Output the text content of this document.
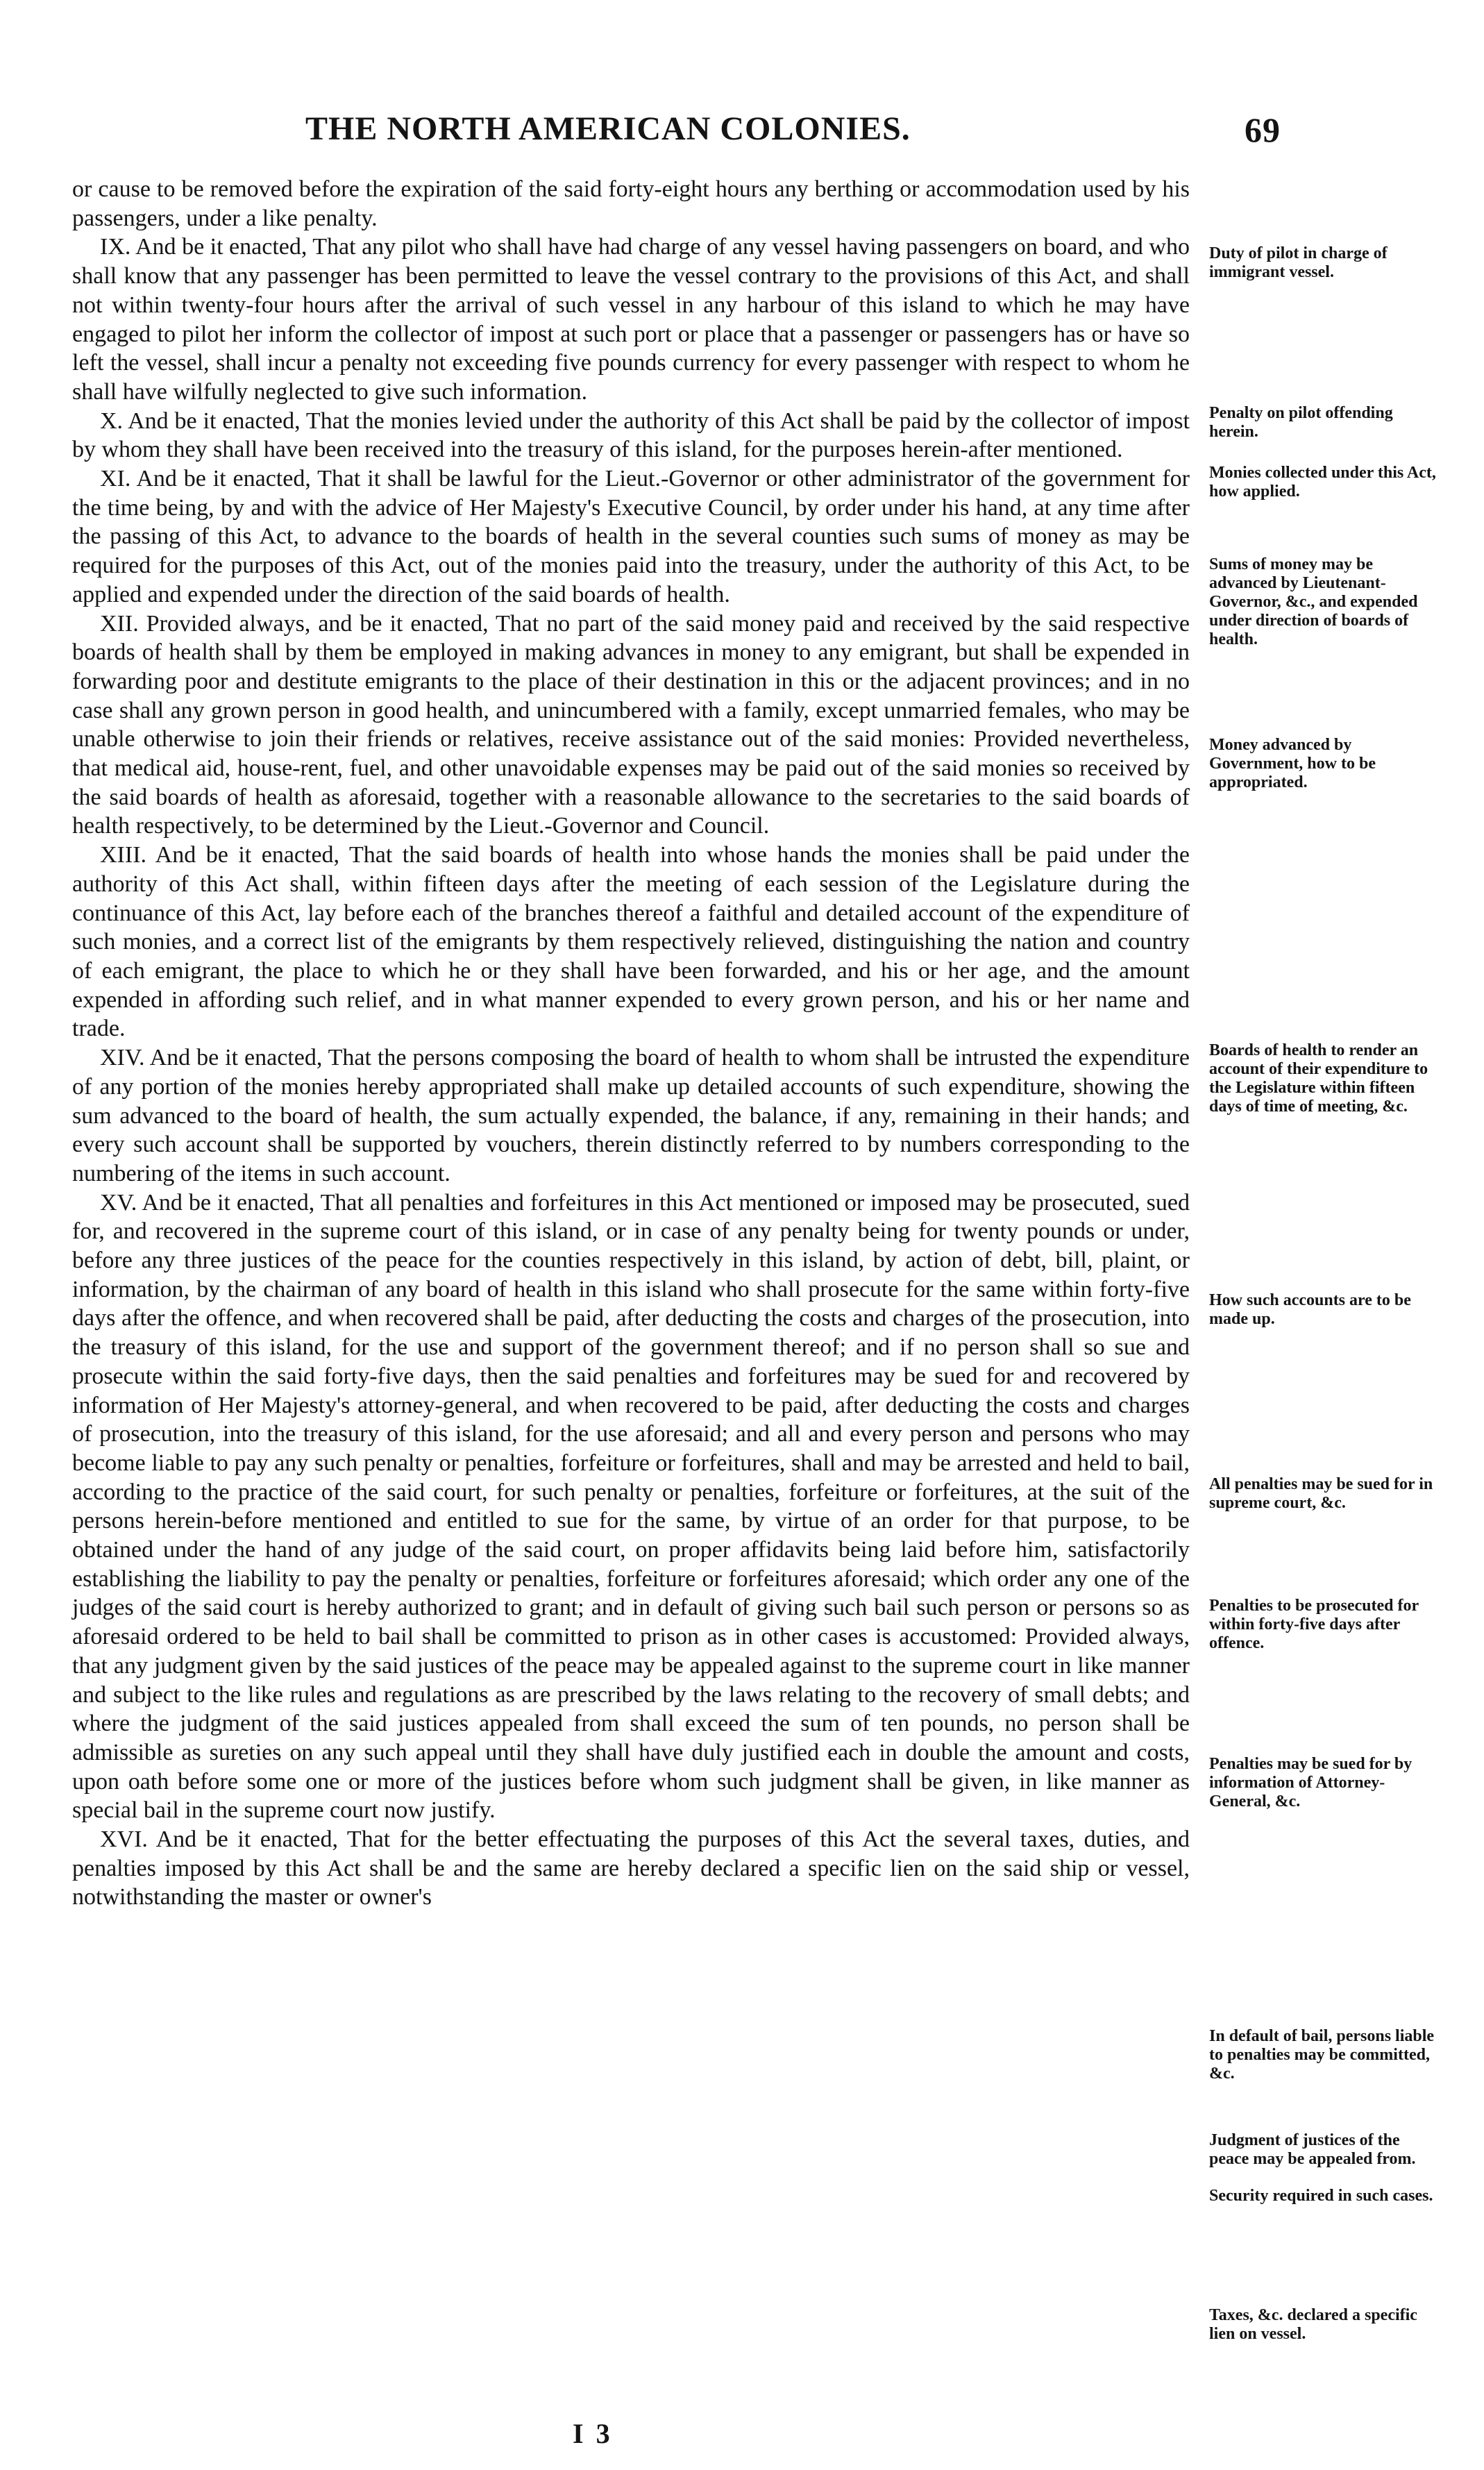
THE NORTH AMERICAN COLONIES.	69

or cause to be removed before the expiration of the said forty-eight hours any berthing or accommodation used by his passengers, under a like penalty.

IX. And be it enacted, That any pilot who shall have had charge of any vessel having passengers on board, and who shall know that any passenger has been permitted to leave the vessel contrary to the provisions of this Act, and shall not within twenty-four hours after the arrival of such vessel in any harbour of this island to which he may have engaged to pilot her inform the collector of impost at such port or place that a passenger or passengers has or have so left the vessel, shall incur a penalty not exceeding five pounds currency for every passenger with respect to whom he shall have wilfully neglected to give such information.

X. And be it enacted, That the monies levied under the authority of this Act shall be paid by the collector of impost by whom they shall have been received into the treasury of this island, for the purposes herein-after mentioned.

XI. And be it enacted, That it shall be lawful for the Lieut.-Governor or other administrator of the government for the time being, by and with the advice of Her Majesty's Executive Council, by order under his hand, at any time after the passing of this Act, to advance to the boards of health in the several counties such sums of money as may be required for the purposes of this Act, out of the monies paid into the treasury, under the authority of this Act, to be applied and expended under the direction of the said boards of health.

XII. Provided always, and be it enacted, That no part of the said money paid and received by the said respective boards of health shall by them be employed in making advances in money to any emigrant, but shall be expended in forwarding poor and destitute emigrants to the place of their destination in this or the adjacent provinces; and in no case shall any grown person in good health, and unincumbered with a family, except unmarried females, who may be unable otherwise to join their friends or relatives, receive assistance out of the said monies: Provided nevertheless, that medical aid, house-rent, fuel, and other unavoidable expenses may be paid out of the said monies so received by the said boards of health as aforesaid, together with a reasonable allowance to the secretaries to the said boards of health respectively, to be determined by the Lieut.-Governor and Council.

XIII. And be it enacted, That the said boards of health into whose hands the monies shall be paid under the authority of this Act shall, within fifteen days after the meeting of each session of the Legislature during the continuance of this Act, lay before each of the branches thereof a faithful and detailed account of the expenditure of such monies, and a correct list of the emigrants by them respectively relieved, distinguishing the nation and country of each emigrant, the place to which he or they shall have been forwarded, and his or her age, and the amount expended in affording such relief, and in what manner expended to every grown person, and his or her name and trade.

XIV. And be it enacted, That the persons composing the board of health to whom shall be intrusted the expenditure of any portion of the monies hereby appropriated shall make up detailed accounts of such expenditure, showing the sum advanced to the board of health, the sum actually expended, the balance, if any, remaining in their hands; and every such account shall be supported by vouchers, therein distinctly referred to by numbers corresponding to the numbering of the items in such account.

XV. And be it enacted, That all penalties and forfeitures in this Act mentioned or imposed may be prosecuted, sued for, and recovered in the supreme court of this island, or in case of any penalty being for twenty pounds or under, before any three justices of the peace for the counties respectively in this island, by action of debt, bill, plaint, or information, by the chairman of any board of health in this island who shall prosecute for the same within forty-five days after the offence, and when recovered shall be paid, after deducting the costs and charges of the prosecution, into the treasury of this island, for the use and support of the government thereof; and if no person shall so sue and prosecute within the said forty-five days, then the said penalties and forfeitures may be sued for and recovered by information of Her Majesty's attorney-general, and when recovered to be paid, after deducting the costs and charges of prosecution, into the treasury of this island, for the use aforesaid; and all and every person and persons who may become liable to pay any such penalty or penalties, forfeiture or forfeitures, shall and may be arrested and held to bail, according to the practice of the said court, for such penalty or penalties, forfeiture or forfeitures, at the suit of the persons herein-before mentioned and entitled to sue for the same, by virtue of an order for that purpose, to be obtained under the hand of any judge of the said court, on proper affidavits being laid before him, satisfactorily establishing the liability to pay the penalty or penalties, forfeiture or forfeitures aforesaid; which order any one of the judges of the said court is hereby authorized to grant; and in default of giving such bail such person or persons so as aforesaid ordered to be held to bail shall be committed to prison as in other cases is accustomed: Provided always, that any judgment given by the said justices of the peace may be appealed against to the supreme court in like manner and subject to the like rules and regulations as are prescribed by the laws relating to the recovery of small debts; and where the judgment of the said justices appealed from shall exceed the sum of ten pounds, no person shall be admissible as sureties on any such appeal until they shall have duly justified each in double the amount and costs, upon oath before some one or more of the justices before whom such judgment shall be given, in like manner as special bail in the supreme court now justify.

XVI. And be it enacted, That for the better effectuating the purposes of this Act the several taxes, duties, and penalties imposed by this Act shall be and the same are hereby declared a specific lien on the said ship or vessel, notwithstanding the master or owner's

Duty of pilot in charge of immigrant vessel.
Penalty on pilot offending herein.
Monies collected under this Act, how applied.
Sums of money may be advanced by Lieutenant-Governor, &c., and expended under direction of boards of health.
Money advanced by Government, how to be appropriated.
Boards of health to render an account of their expenditure to the Legislature within fifteen days of time of meeting, &c.
How such accounts are to be made up.
All penalties may be sued for in supreme court, &c.
Penalties to be prosecuted for within forty-five days after offence.
Penalties may be sued for by information of Attorney-General, &c.
In default of bail, persons liable to penalties may be committed, &c.
Judgment of justices of the peace may be appealed from.
Security required in such cases.
Taxes, &c. declared a specific lien on vessel.
I 3
